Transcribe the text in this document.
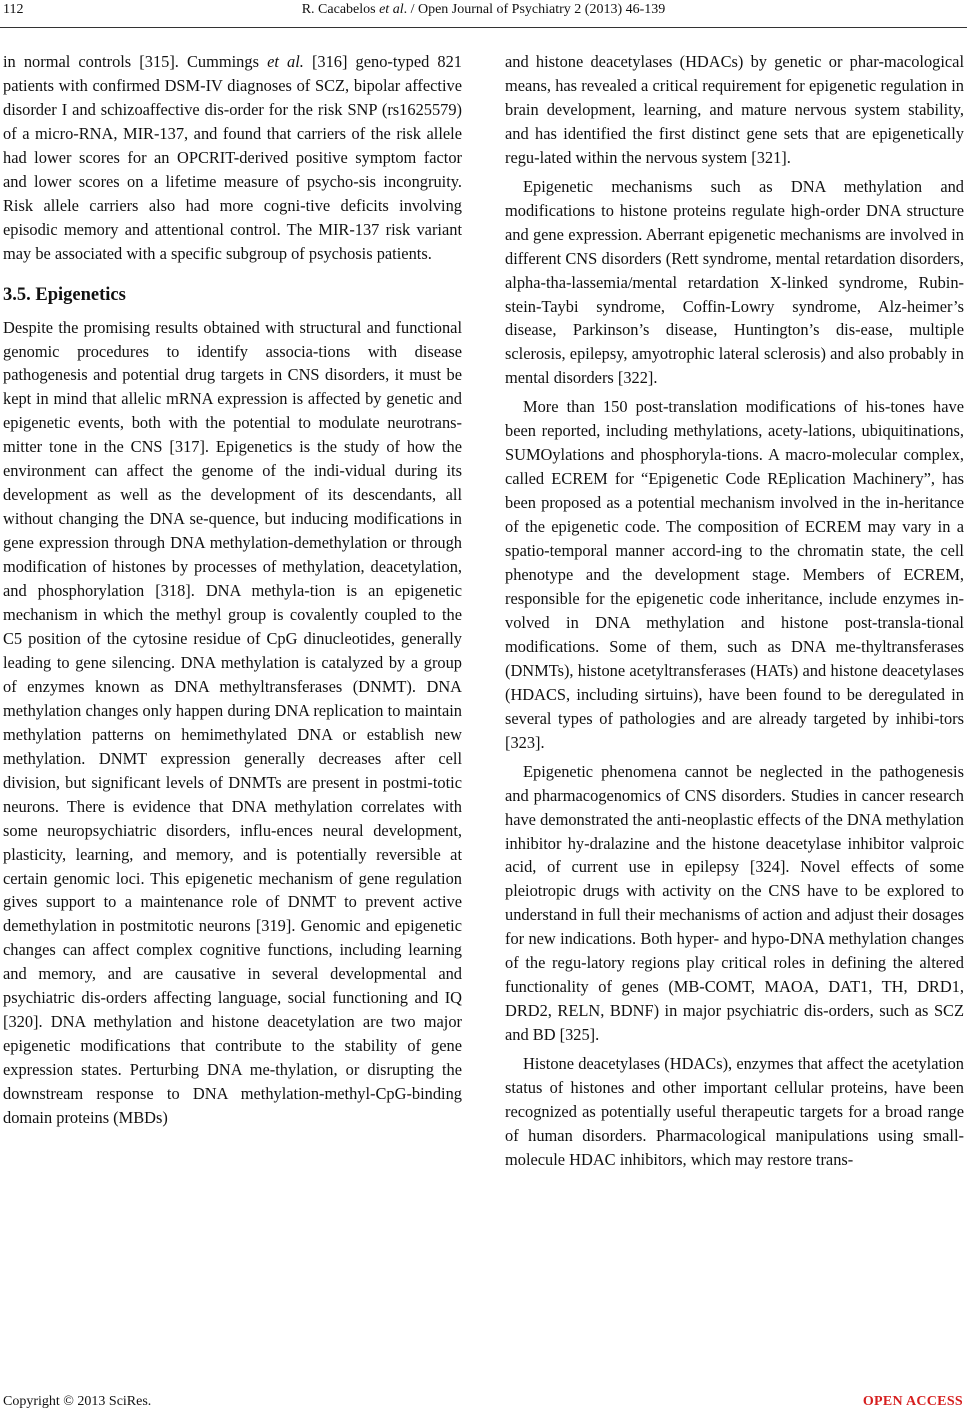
112	R. Cacabelos et al. / Open Journal of Psychiatry 2 (2013) 46-139

in normal controls [315]. Cummings et al. [316] geno-typed 821 patients with confirmed DSM-IV diagnoses of SCZ, bipolar affective disorder I and schizoaffective dis-order for the risk SNP (rs1625579) of a micro-RNA, MIR-137, and found that carriers of the risk allele had lower scores for an OPCRIT-derived positive symptom factor and lower scores on a lifetime measure of psycho-sis incongruity. Risk allele carriers also had more cogni-tive deficits involving episodic memory and attentional control. The MIR-137 risk variant may be associated with a specific subgroup of psychosis patients.

3.5. Epigenetics

Despite the promising results obtained with structural and functional genomic procedures to identify associa-tions with disease pathogenesis and potential drug targets in CNS disorders, it must be kept in mind that allelic mRNA expression is affected by genetic and epigenetic events, both with the potential to modulate neurotrans-mitter tone in the CNS [317]. Epigenetics is the study of how the environment can affect the genome of the indi-vidual during its development as well as the development of its descendants, all without changing the DNA se-quence, but inducing modifications in gene expression through DNA methylation-demethylation or through modification of histones by processes of methylation, deacetylation, and phosphorylation [318]. DNA methyla-tion is an epigenetic mechanism in which the methyl group is covalently coupled to the C5 position of the cytosine residue of CpG dinucleotides, generally leading to gene silencing. DNA methylation is catalyzed by a group of enzymes known as DNA methyltransferases (DNMT). DNA methylation changes only happen during DNA replication to maintain methylation patterns on hemimethylated DNA or establish new methylation. DNMT expression generally decreases after cell division, but significant levels of DNMTs are present in postmi-totic neurons. There is evidence that DNA methylation correlates with some neuropsychiatric disorders, influ-ences neural development, plasticity, learning, and memory, and is potentially reversible at certain genomic loci. This epigenetic mechanism of gene regulation gives support to a maintenance role of DNMT to prevent active demethylation in postmitotic neurons [319]. Genomic and epigenetic changes can affect complex cognitive functions, including learning and memory, and are causative in several developmental and psychiatric dis-orders affecting language, social functioning and IQ [320]. DNA methylation and histone deacetylation are two major epigenetic modifications that contribute to the stability of gene expression states. Perturbing DNA me-thylation, or disrupting the downstream response to DNA methylation-methyl-CpG-binding domain proteins (MBDs)

and histone deacetylases (HDACs) by genetic or phar-macological means, has revealed a critical requirement for epigenetic regulation in brain development, learning, and mature nervous system stability, and has identified the first distinct gene sets that are epigenetically regu-lated within the nervous system [321].

Epigenetic mechanisms such as DNA methylation and modifications to histone proteins regulate high-order DNA structure and gene expression. Aberrant epigenetic mechanisms are involved in different CNS disorders (Rett syndrome, mental retardation disorders, alpha-tha-lassemia/mental retardation X-linked syndrome, Rubin-stein-Taybi syndrome, Coffin-Lowry syndrome, Alz-heimer’s disease, Parkinson’s disease, Huntington’s dis-ease, multiple sclerosis, epilepsy, amyotrophic lateral sclerosis) and also probably in mental disorders [322].

More than 150 post-translation modifications of his-tones have been reported, including methylations, acety-lations, ubiquitinations, SUMOylations and phosphoryla-tions. A macro-molecular complex, called ECREM for “Epigenetic Code REplication Machinery”, has been proposed as a potential mechanism involved in the in-heritance of the epigenetic code. The composition of ECREM may vary in a spatio-temporal manner accord-ing to the chromatin state, the cell phenotype and the development stage. Members of ECREM, responsible for the epigenetic code inheritance, include enzymes in-volved in DNA methylation and histone post-transla-tional modifications. Some of them, such as DNA me-thyltransferases (DNMTs), histone acetyltransferases (HATs) and histone deacetylases (HDACS, including sirtuins), have been found to be deregulated in several types of pathologies and are already targeted by inhibi-tors [323].

Epigenetic phenomena cannot be neglected in the pathogenesis and pharmacogenomics of CNS disorders. Studies in cancer research have demonstrated the anti-neoplastic effects of the DNA methylation inhibitor hy-dralazine and the histone deacetylase inhibitor valproic acid, of current use in epilepsy [324]. Novel effects of some pleiotropic drugs with activity on the CNS have to be explored to understand in full their mechanisms of action and adjust their dosages for new indications. Both hyper- and hypo-DNA methylation changes of the regu-latory regions play critical roles in defining the altered functionality of genes (MB-COMT, MAOA, DAT1, TH, DRD1, DRD2, RELN, BDNF) in major psychiatric dis-orders, such as SCZ and BD [325].

Histone deacetylases (HDACs), enzymes that affect the acetylation status of histones and other important cellular proteins, have been recognized as potentially useful therapeutic targets for a broad range of human disorders. Pharmacological manipulations using small-molecule HDAC inhibitors, which may restore trans-

Copyright © 2013 SciRes.	OPEN ACCESS
